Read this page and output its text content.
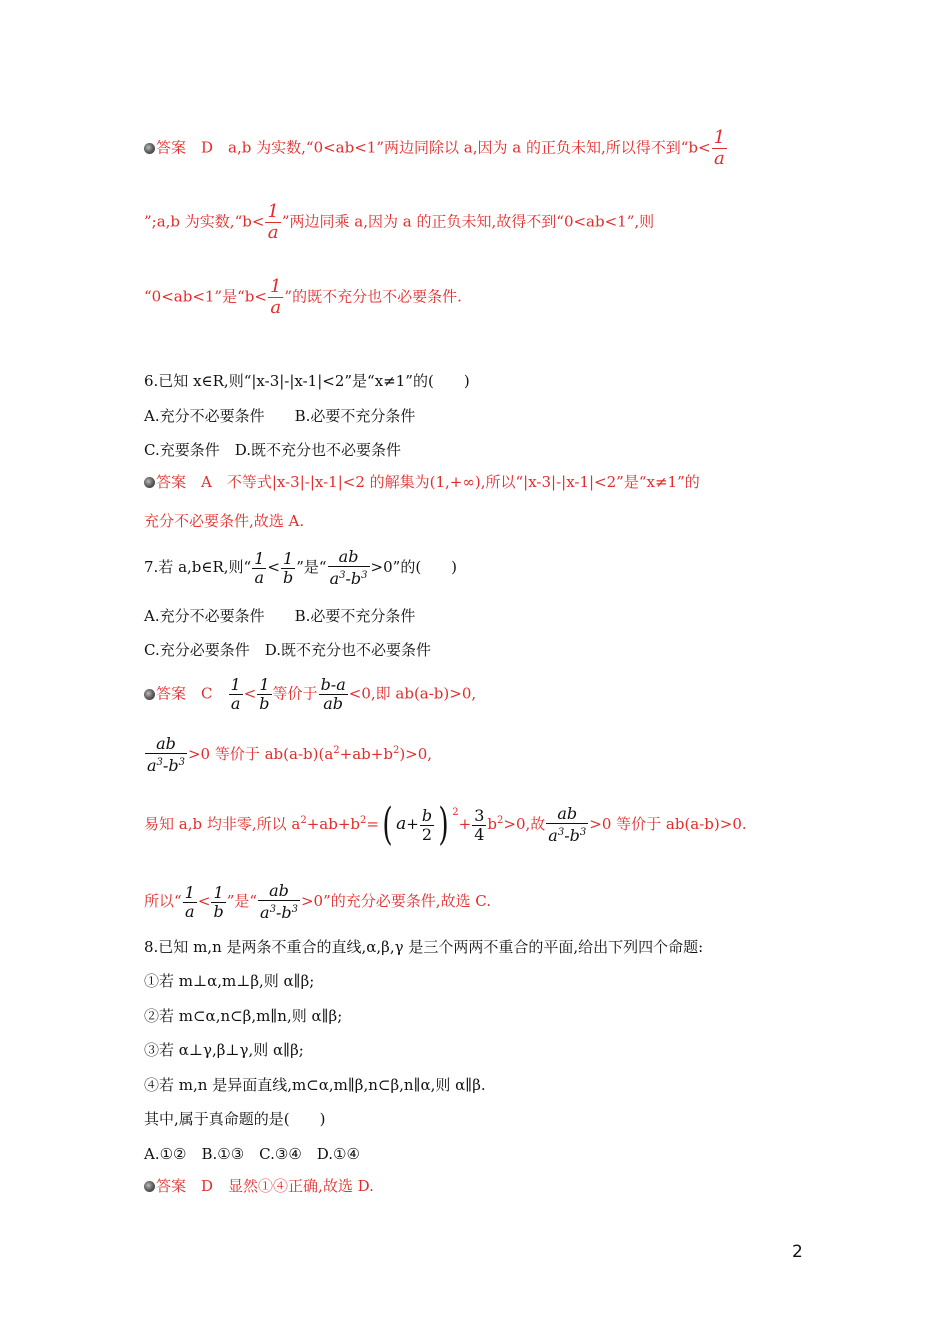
答案　 D　a,b 为实数,“0<ab<1”两边同除以 a,因为 a 的正负未知,所以得不到“$b< \frac{1}{a}$
”;a,b 为实数,“b< $\frac{1}{a}$ ”两边同乘 a,因为 a 的正负未知,故得不到“0<ab<1”,则
“0<ab<1”是“$b< \frac{1}{a}$ ”的既不充分也不必要条件.
6.已知 x∈R,则“|x-3|-|x-1|<2”是“x≠1”的(　　)
A.充分不必要条件　　B.必要不充分条件
C.充要条件　D.既不充分也不必要条件
答案　 A　不等式|x-3|-|x-1|<2 的解集为(1,+∞),所以“|x-3|-|x-1|<2”是“x≠1”的
充分不必要条件,故选 A.
7.若 a,b∈R,则“ $\frac{1}{a} < \frac{1}{b}$ ”是“ $\frac{ab}{a^3-b^3} >0$”的(　　)
A.充分不必要条件　　B.必要不充分条件
C.充分必要条件　D.既不充分也不必要条件
答案　 C　 $\frac{1}{a} < \frac{1}{b}$ 等价于 $\frac{b-a}{ab} <0$,即 ab(a-b)>0,
$\frac{ab}{a^3-b^3} >0$ 等价于 $ab(a-b)(a^2+ab+b^2)>0$,
易知 a,b 均非零,所以 $a^2+ab+b^2=$( $a+ \frac{b}{2}$ ) $^2+ \frac{3}{4} b^2>0$,故 $\frac{ab}{a^3-b^3} >0$ 等价于 ab(a-b)>0.
所以“ $\frac{1}{a} < \frac{1}{b}$ ”是“ $\frac{ab}{a^3-b^3} >0$”的充分必要条件,故选 C.
8.已知 m,n 是两条不重合的直线,α,β,γ 是三个两两不重合的平面,给出下列四个命题:
①若 m⊥α,m⊥β,则 α∥β;
②若 m⊂α,n⊂β,m∥n,则 α∥β;
③若 α⊥γ,β⊥γ,则 α∥β;
④若 m,n 是异面直线,m⊂α,m∥β,n⊂β,n∥α,则 α∥β.
其中,属于真命题的是(　　)
A.①②　B.①③　C.③④　D.①④
答案　 D　显然①④正确,故选 D.
2
